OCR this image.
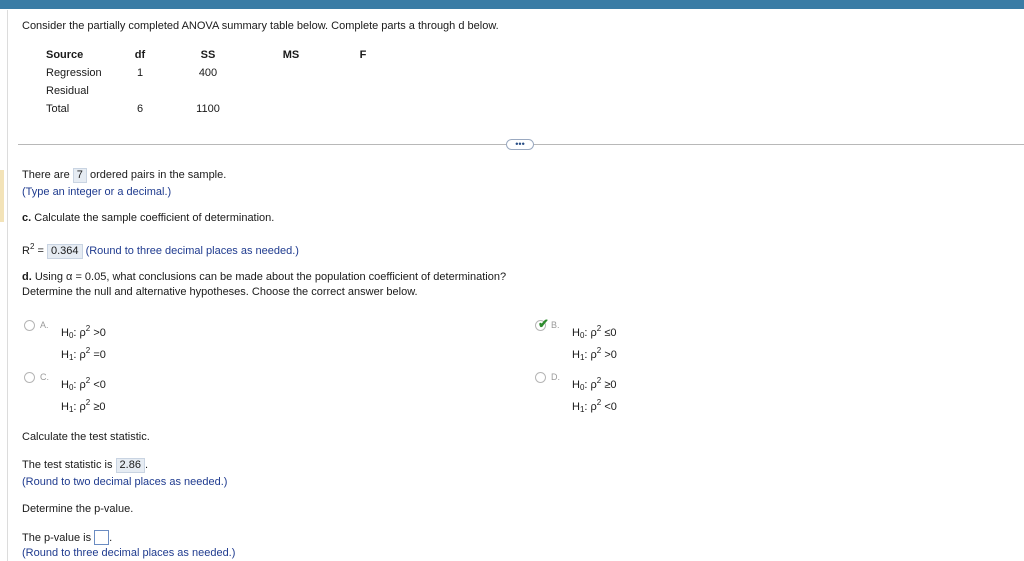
Consider the partially completed ANOVA summary table below. Complete parts a through d below.
Source	df	SS	MS	F
Regression	1	400		
Residual				
Total	6	1100		
•••
There are 7 ordered pairs in the sample.
(Type an integer or a decimal.)
c. Calculate the sample coefficient of determination.
$R^2 = 0.364$ (Round to three decimal places as needed.)
d. Using α = 0.05, what conclusions can be made about the population coefficient of determination?
Determine the null and alternative hypotheses. Choose the correct answer below.
A.
$H_0$: $\rho^2 >0$
$H_1$: $\rho^2 =0$
✔ B.
$H_0$: $\rho^2 \le 0$
$H_1$: $\rho^2 >0$
C.
$H_0$: $\rho^2 <0$
$H_1$: $\rho^2 \ge 0$
D.
$H_0$: $\rho^2 \ge 0$
$H_1$: $\rho^2 <0$
Calculate the test statistic.
The test statistic is 2.86 .
(Round to two decimal places as needed.)
Determine the p-value.
The p-value is .
(Round to three decimal places as needed.)
